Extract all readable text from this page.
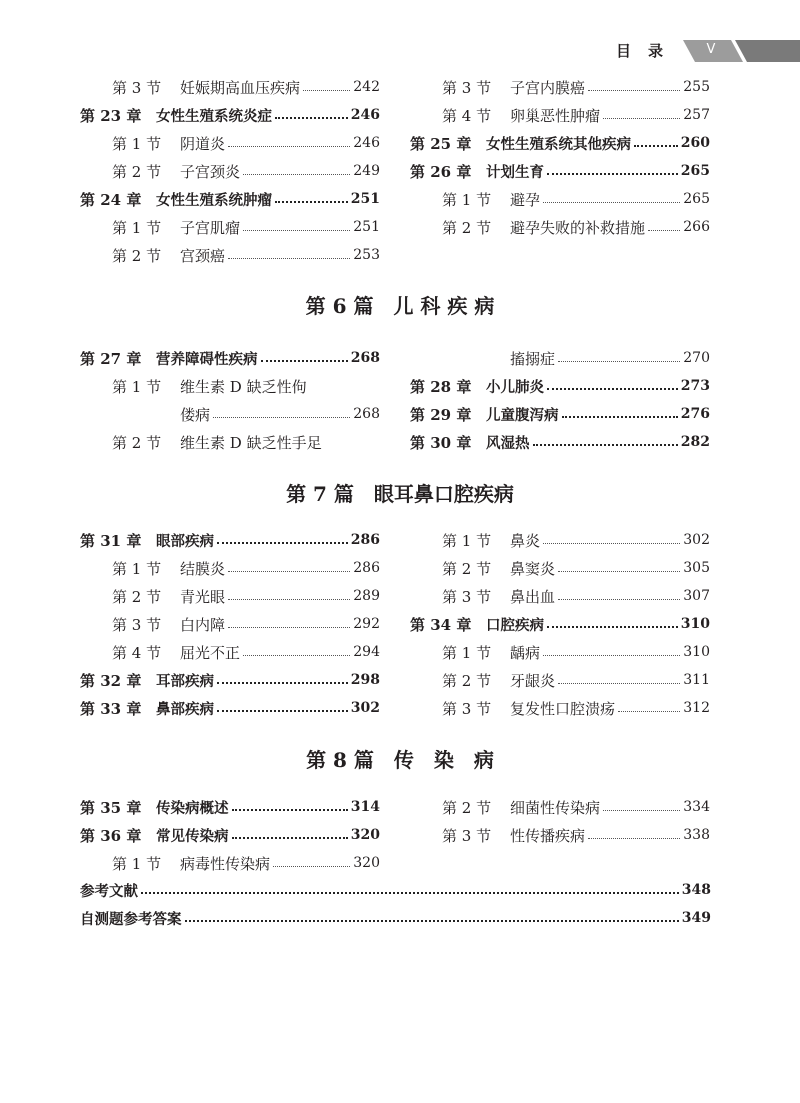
目　录	V
第 3 节	妊娠期高血压疾病	242
第 23 章	女性生殖系统炎症	246
第 1 节	阴道炎	246
第 2 节	子宫颈炎	249
第 24 章	女性生殖系统肿瘤	251
第 1 节	子宫肌瘤	251
第 2 节	宫颈癌	253
第 3 节	子宫内膜癌	255
第 4 节	卵巢恶性肿瘤	257
第 25 章	女性生殖系统其他疾病	260
第 26 章	计划生育	265
第 1 节	避孕	265
第 2 节	避孕失败的补救措施	266
第 6 篇　儿 科 疾 病
第 27 章	营养障碍性疾病	268
第 1 节	维生素 D 缺乏性佝
偻病	268
第 2 节	维生素 D 缺乏性手足
搐搦症	270
第 28 章	小儿肺炎	273
第 29 章	儿童腹泻病	276
第 30 章	风湿热	282
第 7 篇　眼耳鼻口腔疾病
第 31 章	眼部疾病	286
第 1 节	结膜炎	286
第 2 节	青光眼	289
第 3 节	白内障	292
第 4 节	屈光不正	294
第 32 章	耳部疾病	298
第 33 章	鼻部疾病	302
第 1 节	鼻炎	302
第 2 节	鼻窦炎	305
第 3 节	鼻出血	307
第 34 章	口腔疾病	310
第 1 节	龋病	310
第 2 节	牙龈炎	311
第 3 节	复发性口腔溃疡	312
第 8 篇　传　染　病
第 35 章	传染病概述	314
第 36 章	常见传染病	320
第 1 节	病毒性传染病	320
第 2 节	细菌性传染病	334
第 3 节	性传播疾病	338
参考文献	348
自测题参考答案	349
